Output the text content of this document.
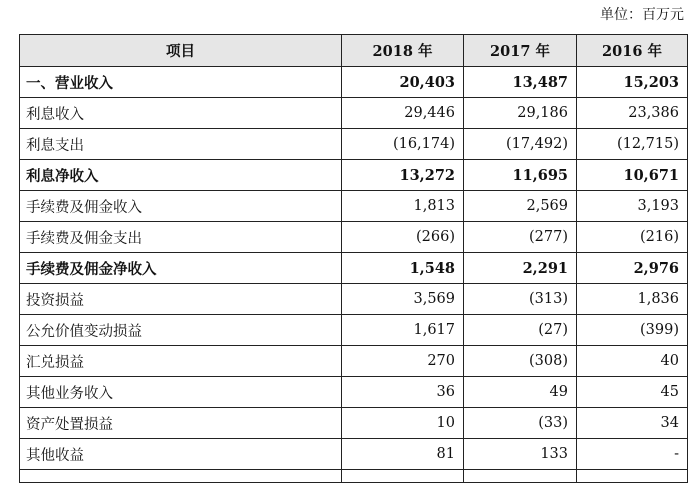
单位：百万元
项目	2018 年	2017 年	2016 年
一、营业收入	20,403	13,487	15,203
利息收入	29,446	29,186	23,386
利息支出	(16,174)	(17,492)	(12,715)
利息净收入	13,272	11,695	10,671
手续费及佣金收入	1,813	2,569	3,193
手续费及佣金支出	(266)	(277)	(216)
手续费及佣金净收入	1,548	2,291	2,976
投资损益	3,569	(313)	1,836
公允价值变动损益	1,617	(27)	(399)
汇兑损益	270	(308)	40
其他业务收入	36	49	45
资产处置损益	10	(33)	34
其他收益	81	133	-
